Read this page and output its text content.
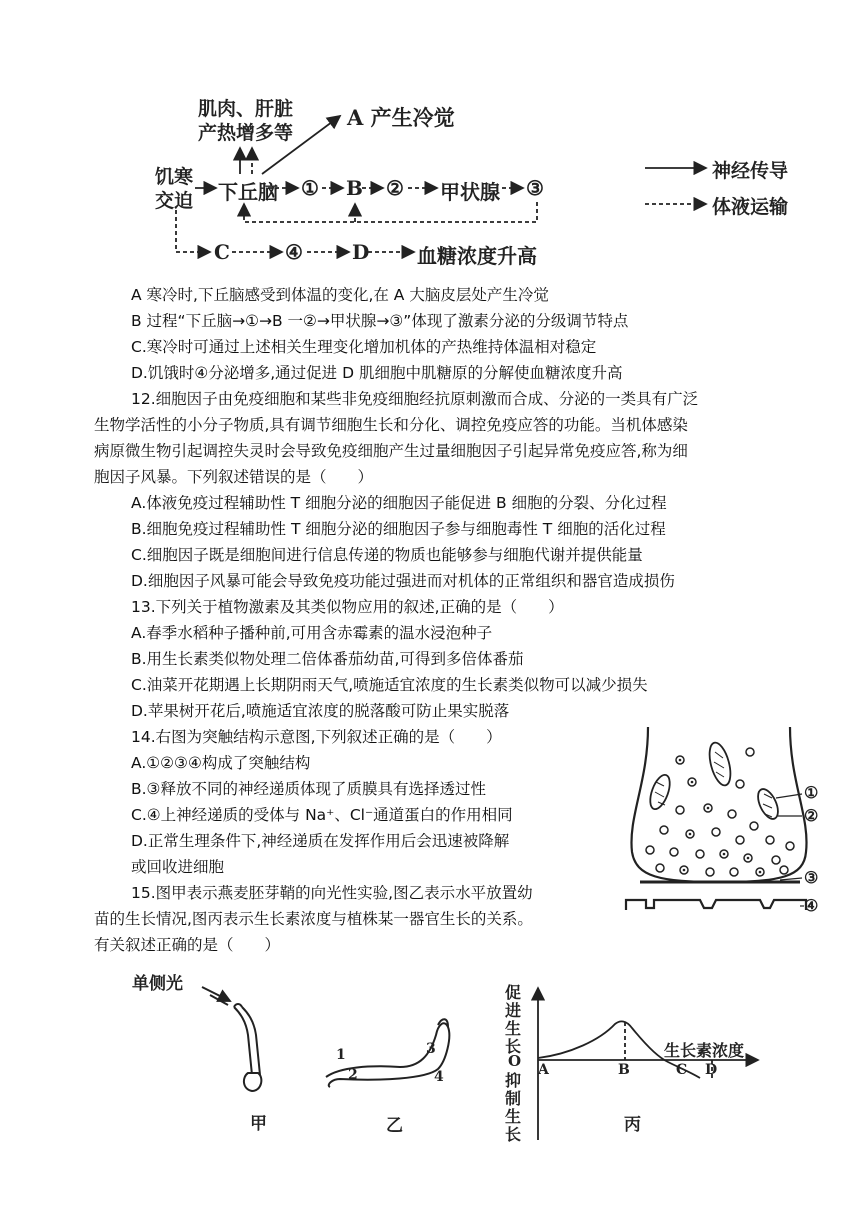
肌肉、肝脏
产热增多等
A 产生冷觉
饥寒
交迫 下丘脑 ① B ② 甲状腺 ③
C	④ D 血糖浓度升高
神经传导
体液运输
A 寒冷时,下丘脑感受到体温的变化,在 A 大脑皮层处产生冷觉
B 过程“下丘脑→①→B 一②→甲状腺→③”体现了激素分泌的分级调节特点
C.寒冷时可通过上述相关生理变化增加机体的产热维持体温相对稳定
D.饥饿时④分泌增多,通过促进 D 肌细胞中肌糖原的分解使血糖浓度升高
12.细胞因子由免疫细胞和某些非免疫细胞经抗原刺激而合成、分泌的一类具有广泛
生物学活性的小分子物质,具有调节细胞生长和分化、调控免疫应答的功能。当机体感染
病原微生物引起调控失灵时会导致免疫细胞产生过量细胞因子引起异常免疫应答,称为细
胞因子风暴。下列叙述错误的是（　　）
A.体液免疫过程辅助性 T 细胞分泌的细胞因子能促进 B 细胞的分裂、分化过程
B.细胞免疫过程辅助性 T 细胞分泌的细胞因子参与细胞毒性 T 细胞的活化过程
C.细胞因子既是细胞间进行信息传递的物质也能够参与细胞代谢并提供能量
D.细胞因子风暴可能会导致免疫功能过强进而对机体的正常组织和器官造成损伤
13.下列关于植物激素及其类似物应用的叙述,正确的是（　　）
A.春季水稻种子播种前,可用含赤霉素的温水浸泡种子
B.用生长素类似物处理二倍体番茄幼苗,可得到多倍体番茄
C.油菜开花期遇上长期阴雨天气,喷施适宜浓度的生长素类似物可以减少损失
D.苹果树开花后,喷施适宜浓度的脱落酸可防止果实脱落
14.右图为突触结构示意图,下列叙述正确的是（　　）
A.①②③④构成了突触结构
B.③释放不同的神经递质体现了质膜具有选择透过性
C.④上神经递质的受体与 Na⁺、Cl⁻通道蛋白的作用相同
D.正常生理条件下,神经递质在发挥作用后会迅速被降解
或回收进细胞
①
②
③
④
15.图甲表示燕麦胚芽鞘的向光性实验,图乙表示水平放置幼
苗的生长情况,图丙表示生长素浓度与植株某一器官生长的关系。
有关叙述正确的是（　　）
单侧光
甲
1
2
3
4
乙
促进生长
O
抑制生长
生长素浓度
A	B	C D
丙
